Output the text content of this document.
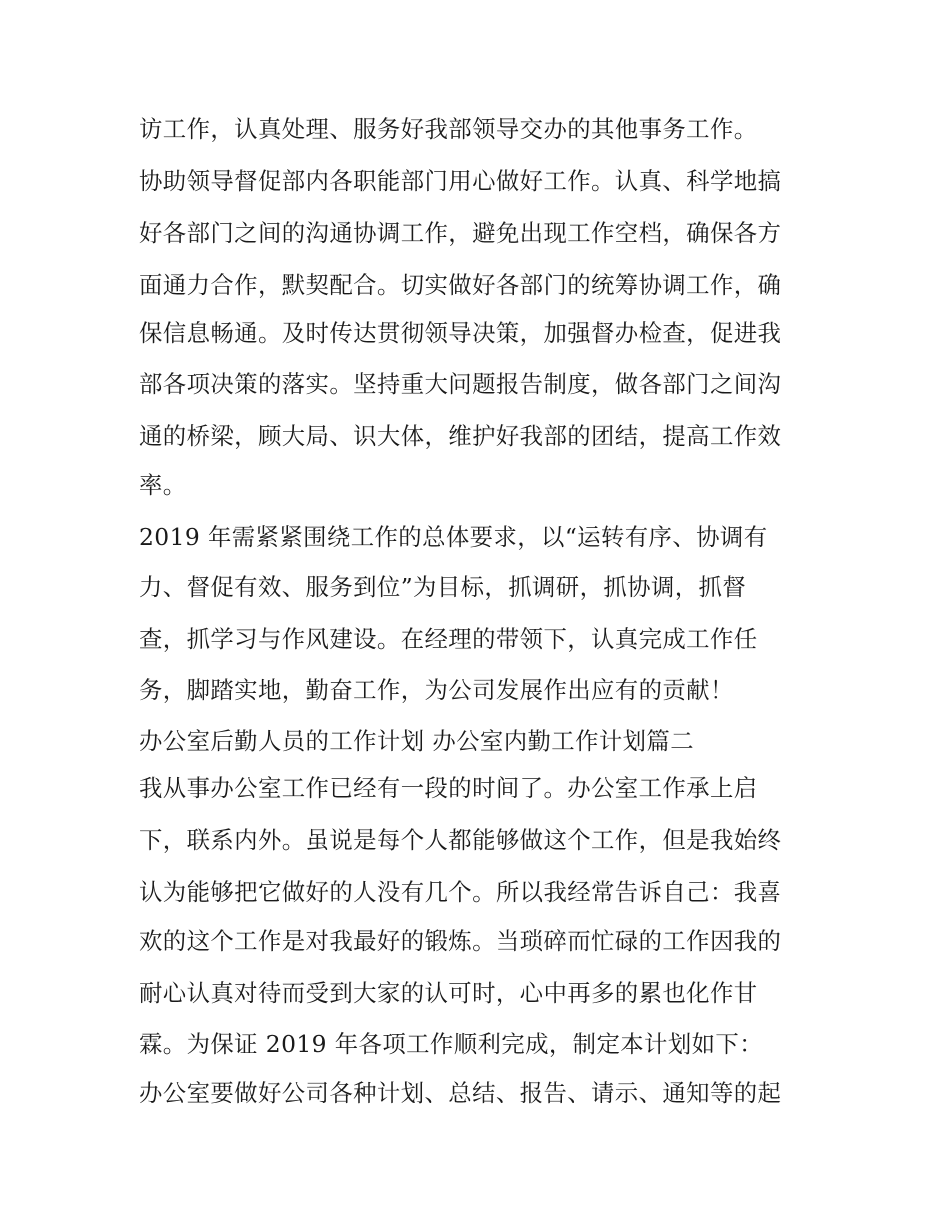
访工作，认真处理、服务好我部领导交办的其他事务工作。
协助领导督促部内各职能部门用心做好工作。认真、科学地搞
好各部门之间的沟通协调工作，避免出现工作空档，确保各方
面通力合作，默契配合。切实做好各部门的统筹协调工作，确
保信息畅通。及时传达贯彻领导决策，加强督办检查，促进我
部各项决策的落实。坚持重大问题报告制度，做各部门之间沟
通的桥梁，顾大局、识大体，维护好我部的团结，提高工作效
率。
2019 年需紧紧围绕工作的总体要求，以“运转有序、协调有
力、督促有效、服务到位”为目标，抓调研，抓协调，抓督
查，抓学习与作风建设。在经理的带领下，认真完成工作任
务，脚踏实地，勤奋工作，为公司发展作出应有的贡献！
办公室后勤人员的工作计划 办公室内勤工作计划篇二
我从事办公室工作已经有一段的时间了。办公室工作承上启
下，联系内外。虽说是每个人都能够做这个工作，但是我始终
认为能够把它做好的人没有几个。所以我经常告诉自己：我喜
欢的这个工作是对我最好的锻炼。当琐碎而忙碌的工作因我的
耐心认真对待而受到大家的认可时，心中再多的累也化作甘
霖。为保证 2019 年各项工作顺利完成，制定本计划如下：
办公室要做好公司各种计划、总结、报告、请示、通知等的起
